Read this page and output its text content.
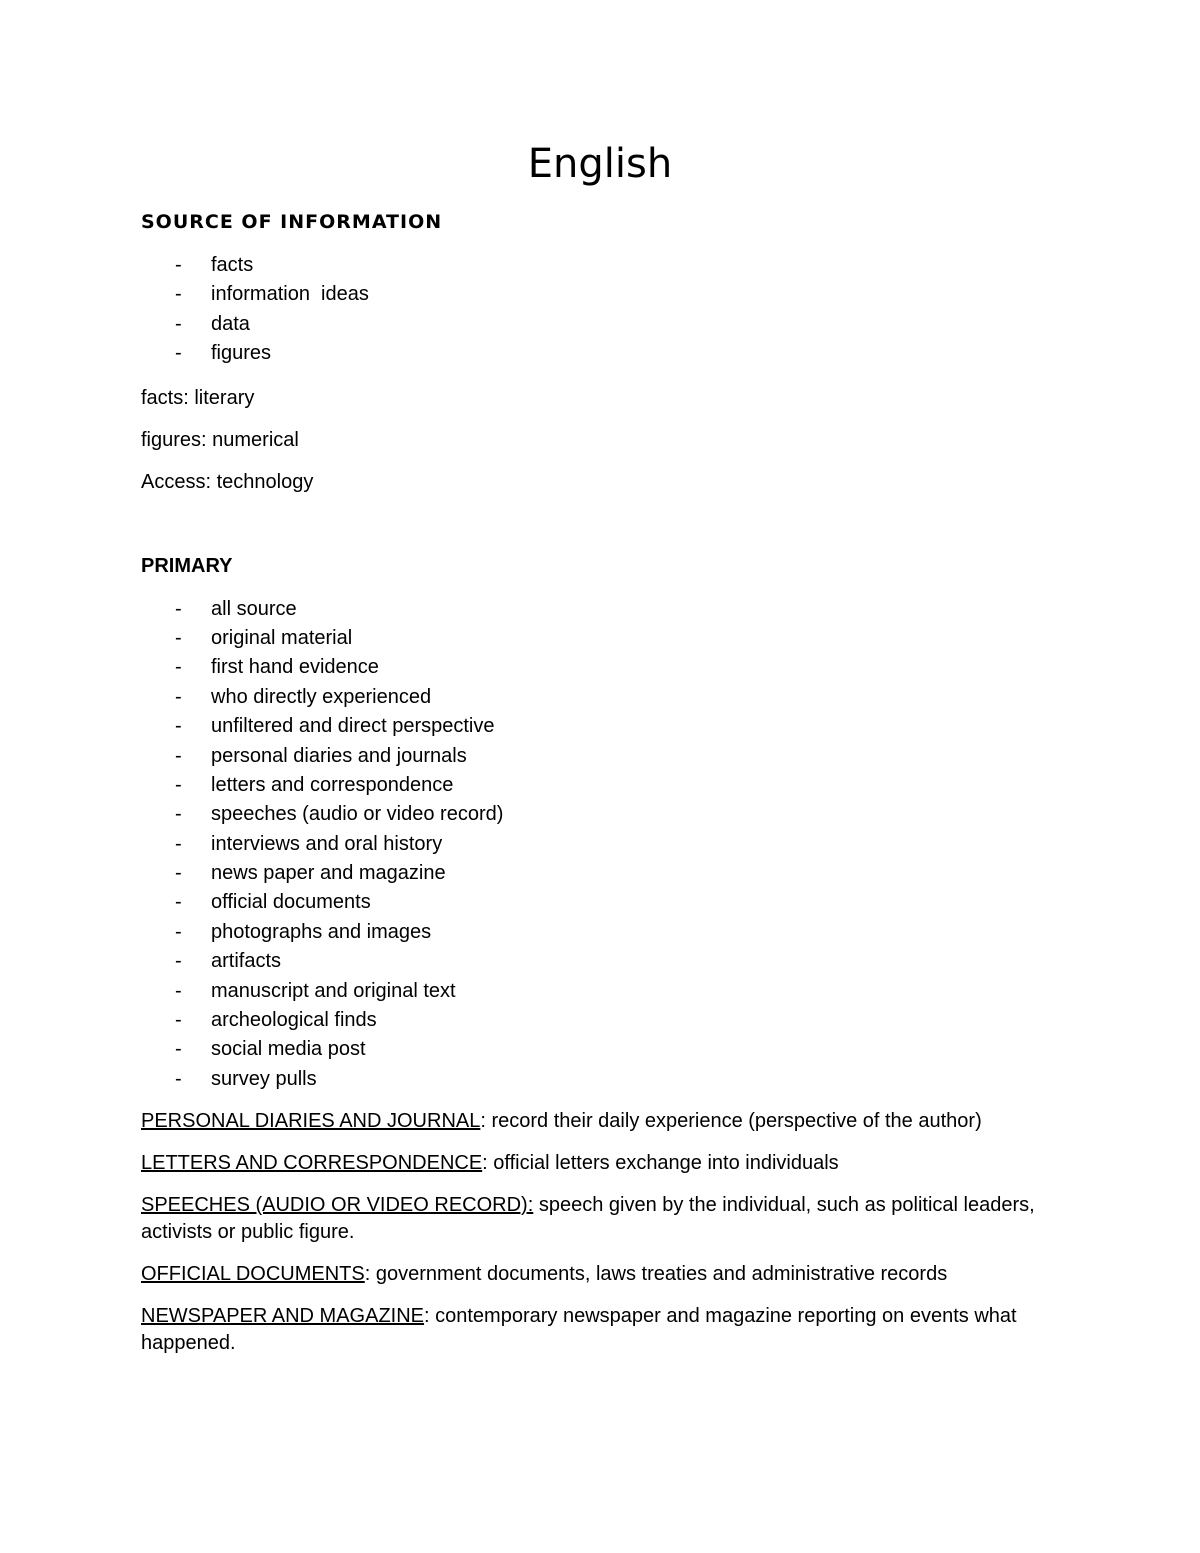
English

SOURCE OF INFORMATION

- facts
- information  ideas
- data
- figures

facts: literary

figures: numerical

Access: technology

PRIMARY

- all source
- original material
- first hand evidence
- who directly experienced
- unfiltered and direct perspective
- personal diaries and journals
- letters and correspondence
- speeches (audio or video record)
- interviews and oral history
- news paper and magazine
- official documents
- photographs and images
- artifacts
- manuscript and original text
- archeological finds
- social media post
- survey pulls

PERSONAL DIARIES AND JOURNAL: record their daily experience (perspective of the author)

LETTERS AND CORRESPONDENCE: official letters exchange into individuals

SPEECHES (AUDIO OR VIDEO RECORD): speech given by the individual, such as political leaders, activists or public figure.

OFFICIAL DOCUMENTS: government documents, laws treaties and administrative records

NEWSPAPER AND MAGAZINE: contemporary newspaper and magazine reporting on events what happened.
